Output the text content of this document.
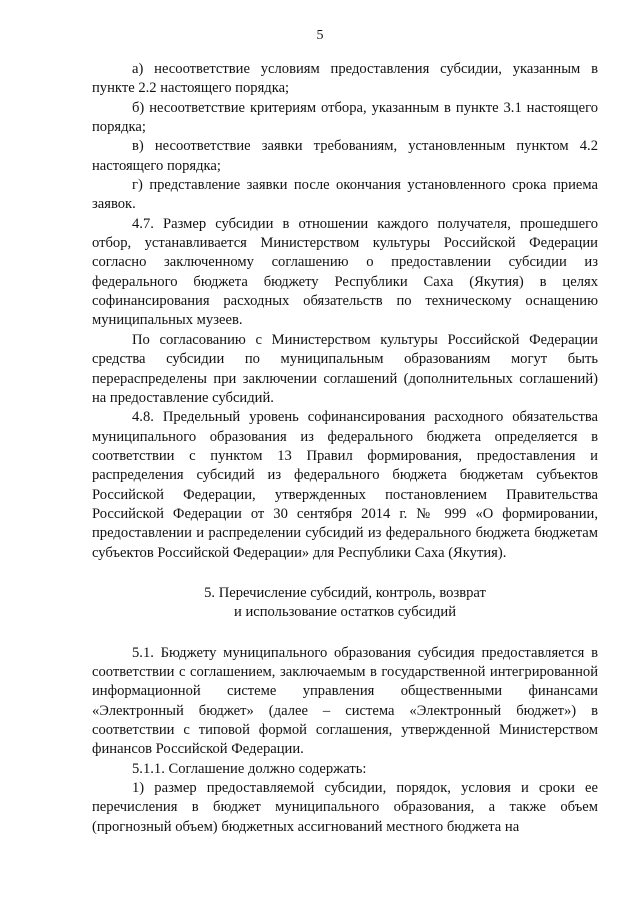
5

а) несоответствие условиям предоставления субсидии, указанным в пункте 2.2 настоящего порядка;

б) несоответствие критериям отбора, указанным в пункте 3.1 настоящего порядка;

в) несоответствие заявки требованиям, установленным пунктом 4.2 настоящего порядка;

г) представление заявки после окончания установленного срока приема заявок.

4.7. Размер субсидии в отношении каждого получателя, прошедшего отбор, устанавливается Министерством культуры Российской Федерации согласно заключенному соглашению о предоставлении субсидии из федерального бюджета бюджету Республики Саха (Якутия) в целях софинансирования расходных обязательств по техническому оснащению муниципальных музеев.

По согласованию с Министерством культуры Российской Федерации средства субсидии по муниципальным образованиям могут быть перераспределены при заключении соглашений (дополнительных соглашений) на предоставление субсидий.

4.8. Предельный уровень софинансирования расходного обязательства муниципального образования из федерального бюджета определяется в соответствии с пунктом 13 Правил формирования, предоставления и распределения субсидий из федерального бюджета бюджетам субъектов Российской Федерации, утвержденных постановлением Правительства Российской Федерации от 30 сентября 2014 г. № 999 «О формировании, предоставлении и распределении субсидий из федерального бюджета бюджетам субъектов Российской Федерации» для Республики Саха (Якутия).

5. Перечисление субсидий, контроль, возврат
и использование остатков субсидий

5.1. Бюджету муниципального образования субсидия предоставляется в соответствии с соглашением, заключаемым в государственной интегрированной информационной системе управления общественными финансами «Электронный бюджет» (далее – система «Электронный бюджет») в соответствии с типовой формой соглашения, утвержденной Министерством финансов Российской Федерации.

5.1.1. Соглашение должно содержать:

1) размер предоставляемой субсидии, порядок, условия и сроки ее перечисления в бюджет муниципального образования, а также объем (прогнозный объем) бюджетных ассигнований местного бюджета на
